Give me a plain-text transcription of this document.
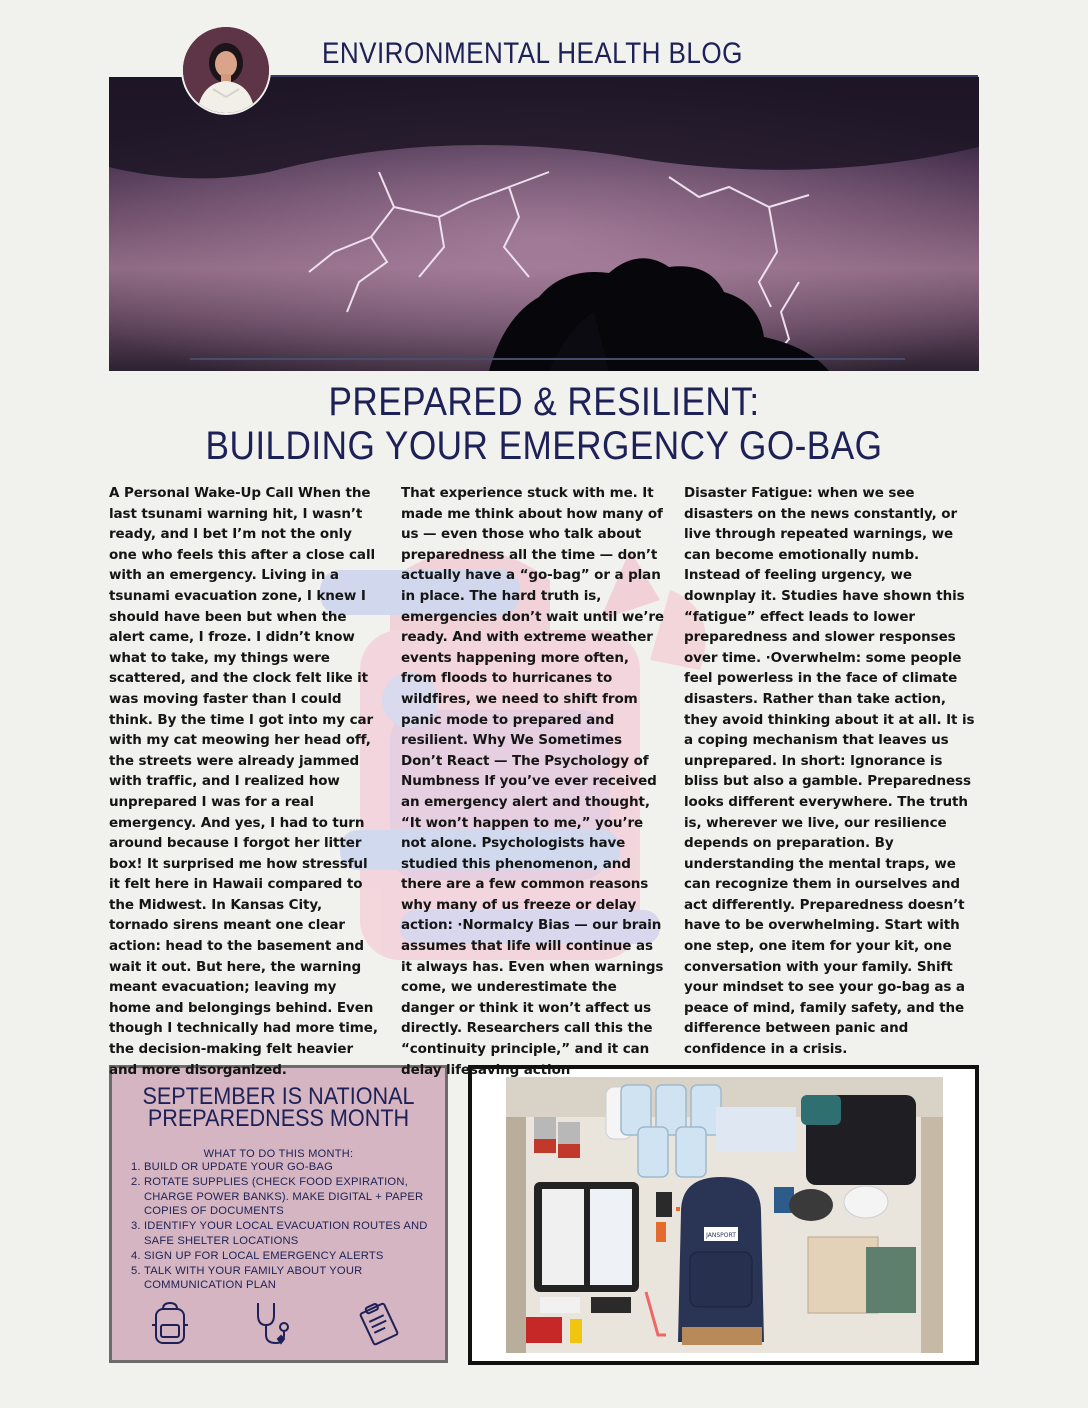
ENVIRONMENTAL HEALTH BLOG
PREPARED & RESILIENT:
BUILDING YOUR EMERGENCY GO-BAG

A Personal Wake-Up Call When the last tsunami warning hit, I wasn’t ready, and I bet I’m not the only one who feels this after a close call with an emergency. Living in a tsunami evacuation zone, I knew I should have been but when the alert came, I froze. I didn’t know what to take, my things were scattered, and the clock felt like it was moving faster than I could think. By the time I got into my car with my cat meowing her head off, the streets were already jammed with traffic, and I realized how unprepared I was for a real emergency. And yes, I had to turn around because I forgot her litter box! It surprised me how stressful it felt here in Hawaii compared to the Midwest. In Kansas City, tornado sirens meant one clear action: head to the basement and wait it out. But here, the warning meant evacuation; leaving my home and belongings behind. Even though I technically had more time, the decision-making felt heavier and more disorganized.

That experience stuck with me. It made me think about how many of us — even those who talk about preparedness all the time — don’t actually have a “go-bag” or a plan in place. The hard truth is, emergencies don’t wait until we’re ready. And with extreme weather events happening more often, from floods to hurricanes to wildfires, we need to shift from panic mode to prepared and resilient. Why We Sometimes Don’t React — The Psychology of Numbness If you’ve ever received an emergency alert and thought, “It won’t happen to me,” you’re not alone. Psychologists have studied this phenomenon, and there are a few common reasons why many of us freeze or delay action: ·Normalcy Bias — our brain assumes that life will continue as it always has. Even when warnings come, we underestimate the danger or think it won’t affect us directly. Researchers call this the “continuity principle,” and it can delay lifesaving action

Disaster Fatigue: when we see disasters on the news constantly, or live through repeated warnings, we can become emotionally numb. Instead of feeling urgency, we downplay it. Studies have shown this “fatigue” effect leads to lower preparedness and slower responses over time. ·Overwhelm: some people feel powerless in the face of climate disasters. Rather than take action, they avoid thinking about it at all. It is a coping mechanism that leaves us unprepared. In short: Ignorance is bliss but also a gamble. Preparedness looks different everywhere. The truth is, wherever we live, our resilience depends on preparation. By understanding the mental traps, we can recognize them in ourselves and act differently. Preparedness doesn’t have to be overwhelming. Start with one step, one item for your kit, one conversation with your family. Shift your mindset to see your go-bag as a peace of mind, family safety, and the difference between panic and confidence in a crisis.

SEPTEMBER IS NATIONAL
PREPAREDNESS MONTH
WHAT TO DO THIS MONTH:
1. BUILD OR UPDATE YOUR GO-BAG
2. ROTATE SUPPLIES (CHECK FOOD EXPIRATION, CHARGE POWER BANKS). MAKE DIGITAL + PAPER COPIES OF DOCUMENTS
3. IDENTIFY YOUR LOCAL EVACUATION ROUTES AND SAFE SHELTER LOCATIONS
4. SIGN UP FOR LOCAL EMERGENCY ALERTS
5. TALK WITH YOUR FAMILY ABOUT YOUR COMMUNICATION PLAN
JANSPORT
